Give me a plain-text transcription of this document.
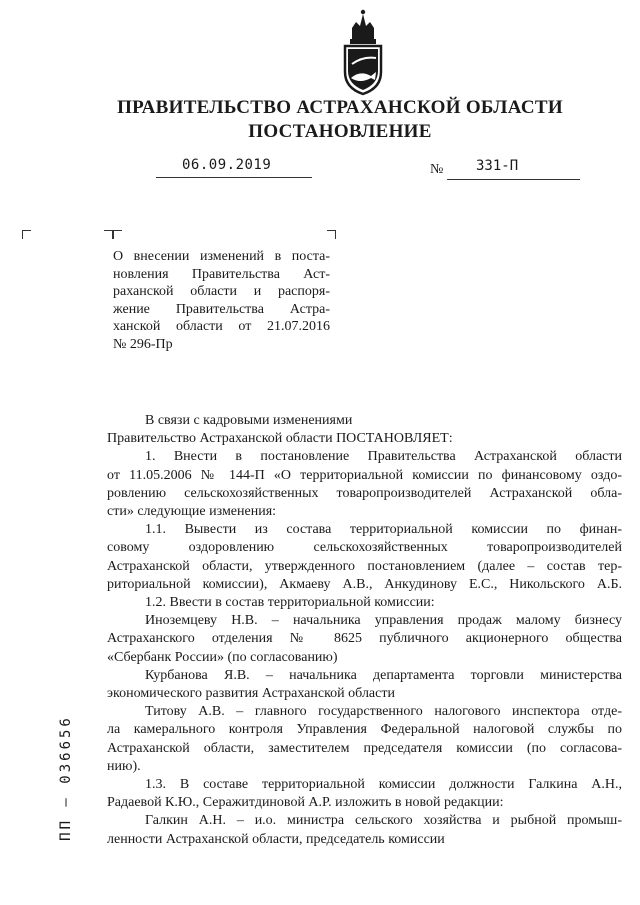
ПРАВИТЕЛЬСТВО АСТРАХАНСКОЙ ОБЛАСТИ
ПОСТАНОВЛЕНИЕ
06.09.2019	№ 331-П
О внесении изменений в поста-
новления Правительства Аст-
раханской области и распоря-
жение Правительства Астра-
ханской области от 21.07.2016
№ 296-Пр
В связи с кадровыми изменениями
Правительство Астраханской области ПОСТАНОВЛЯЕТ:
1. Внести в постановление Правительства Астраханской области
от 11.05.2006 № 144-П «О территориальной комиссии по финансовому оздо-
ровлению сельскохозяйственных товаропроизводителей Астраханской обла-
сти» следующие изменения:
1.1. Вывести из состава территориальной комиссии по финан-
совому оздоровлению сельскохозяйственных товаропроизводителей
Астраханской области, утвержденного постановлением (далее – состав тер-
риториальной комиссии), Акмаеву А.В., Анкудинову Е.С., Никольского А.Б.
1.2. Ввести в состав территориальной комиссии:
Иноземцеву Н.В. – начальника управления продаж малому бизнесу
Астраханского отделения № 8625 публичного акционерного общества
«Сбербанк России» (по согласованию)
Курбанова Я.В. – начальника департамента торговли министерства
экономического развития Астраханской области
Титову А.В. – главного государственного налогового инспектора отде-
ла камерального контроля Управления Федеральной налоговой службы по
Астраханской области, заместителем председателя комиссии (по согласова-
нию).
1.3. В составе территориальной комиссии должности Галкина А.Н.,
Радаевой К.Ю., Серажитдиновой А.Р. изложить в новой редакции:
Галкин А.Н. – и.о. министра сельского хозяйства и рыбной промыш-
ленности Астраханской области, председатель комиссии
ПП – 036656
